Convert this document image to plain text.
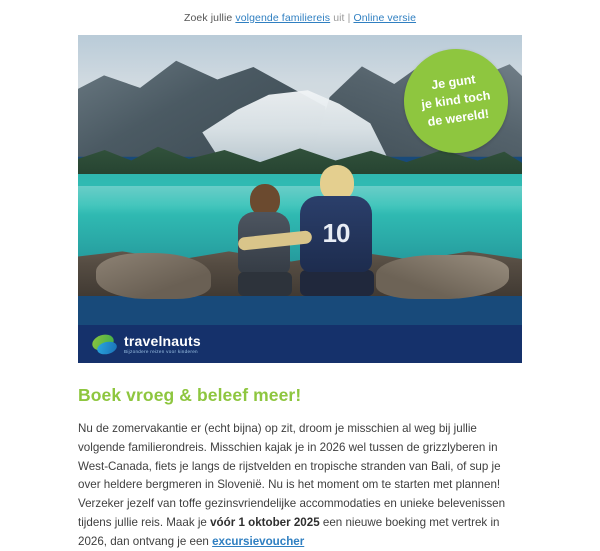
Zoek jullie volgende familiereis uit | Online versie
10
Je gunt
je kind toch
de wereld!
travelnauts
Bijzondere reizen voor kinderen
Boek vroeg & beleef meer!

Nu de zomervakantie er (echt bijna) op zit, droom je misschien al weg bij jullie volgende familierondreis. Misschien kajak je in 2026 wel tussen de grizzlyberen in West-Canada, fiets je langs de rijstvelden en tropische stranden van Bali, of sup je over heldere bergmeren in Slovenië. Nu is het moment om te starten met plannen! Verzeker jezelf van toffe gezinsvriendelijke accommodaties en unieke belevenissen tijdens jullie reis. Maak je vóór 1 oktober 2025 een nieuwe boeking met vertrek in 2026, dan ontvang je een excursievoucher
